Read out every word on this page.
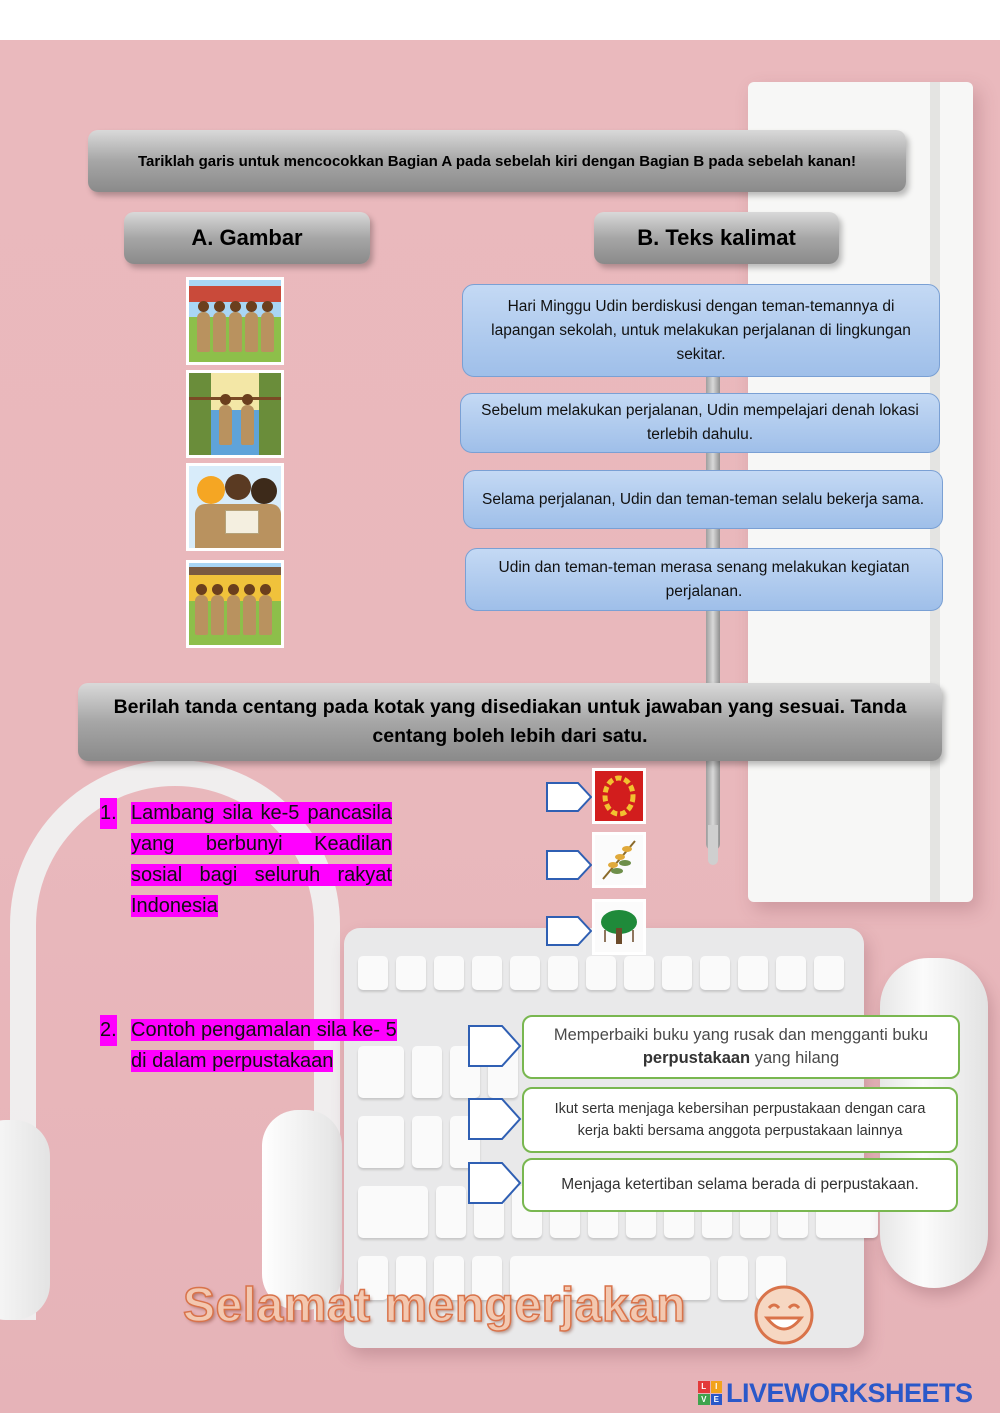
Tariklah garis untuk mencocokkan Bagian A pada sebelah kiri dengan Bagian B pada sebelah kanan!
A. Gambar	B. Teks kalimat
Hari Minggu Udin berdiskusi dengan teman-temannya di lapangan sekolah, untuk melakukan perjalanan di lingkungan sekitar.
Sebelum melakukan perjalanan, Udin mempelajari denah lokasi terlebih dahulu.
Selama perjalanan, Udin dan teman-teman selalu bekerja sama.
Udin dan teman-teman merasa senang melakukan kegiatan perjalanan.
Berilah tanda centang pada kotak yang disediakan untuk jawaban yang sesuai. Tanda centang boleh lebih dari satu.
1. Lambang sila ke-5 pancasila yang berbunyi Keadilan sosial bagi seluruh rakyat Indonesia
2. Contoh pengamalan sila ke- 5
di dalam perpustakaan
Memperbaiki buku yang rusak dan mengganti buku perpustakaan yang hilang
Ikut serta menjaga kebersihan perpustakaan dengan cara kerja bakti bersama anggota perpustakaan lainnya
Menjaga ketertiban selama berada di perpustakaan.
Selamat mengerjakan
L	I
V E LIVEWORKSHEETS
